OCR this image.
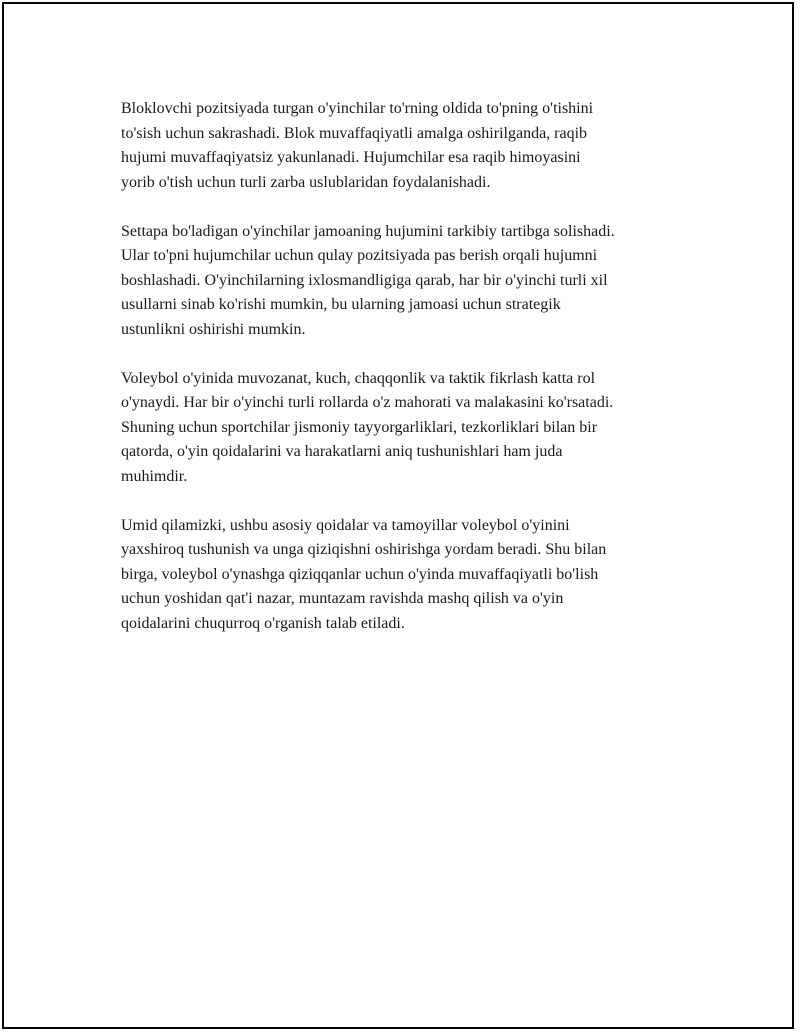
Bloklovchi pozitsiyada turgan o'yinchilar to'rning oldida to'pning o'tishini
to'sish uchun sakrashadi. Blok muvaffaqiyatli amalga oshirilganda, raqib
hujumi muvaffaqiyatsiz yakunlanadi. Hujumchilar esa raqib himoyasini
yorib o'tish uchun turli zarba uslublaridan foydalanishadi.

Settapa bo'ladigan o'yinchilar jamoaning hujumini tarkibiy tartibga solishadi.
Ular to'pni hujumchilar uchun qulay pozitsiyada pas berish orqali hujumni
boshlashadi. O'yinchilarning ixlosmandligiga qarab, har bir o'yinchi turli xil
usullarni sinab ko'rishi mumkin, bu ularning jamoasi uchun strategik
ustunlikni oshirishi mumkin.

Voleybol o'yinida muvozanat, kuch, chaqqonlik va taktik fikrlash katta rol
o'ynaydi. Har bir o'yinchi turli rollarda o'z mahorati va malakasini ko'rsatadi.
Shuning uchun sportchilar jismoniy tayyorgarliklari, tezkorliklari bilan bir
qatorda, o'yin qoidalarini va harakatlarni aniq tushunishlari ham juda
muhimdir.

Umid qilamizki, ushbu asosiy qoidalar va tamoyillar voleybol o'yinini
yaxshiroq tushunish va unga qiziqishni oshirishga yordam beradi. Shu bilan
birga, voleybol o'ynashga qiziqqanlar uchun o'yinda muvaffaqiyatli bo'lish
uchun yoshidan qat'i nazar, muntazam ravishda mashq qilish va o'yin
qoidalarini chuqurroq o'rganish talab etiladi.
